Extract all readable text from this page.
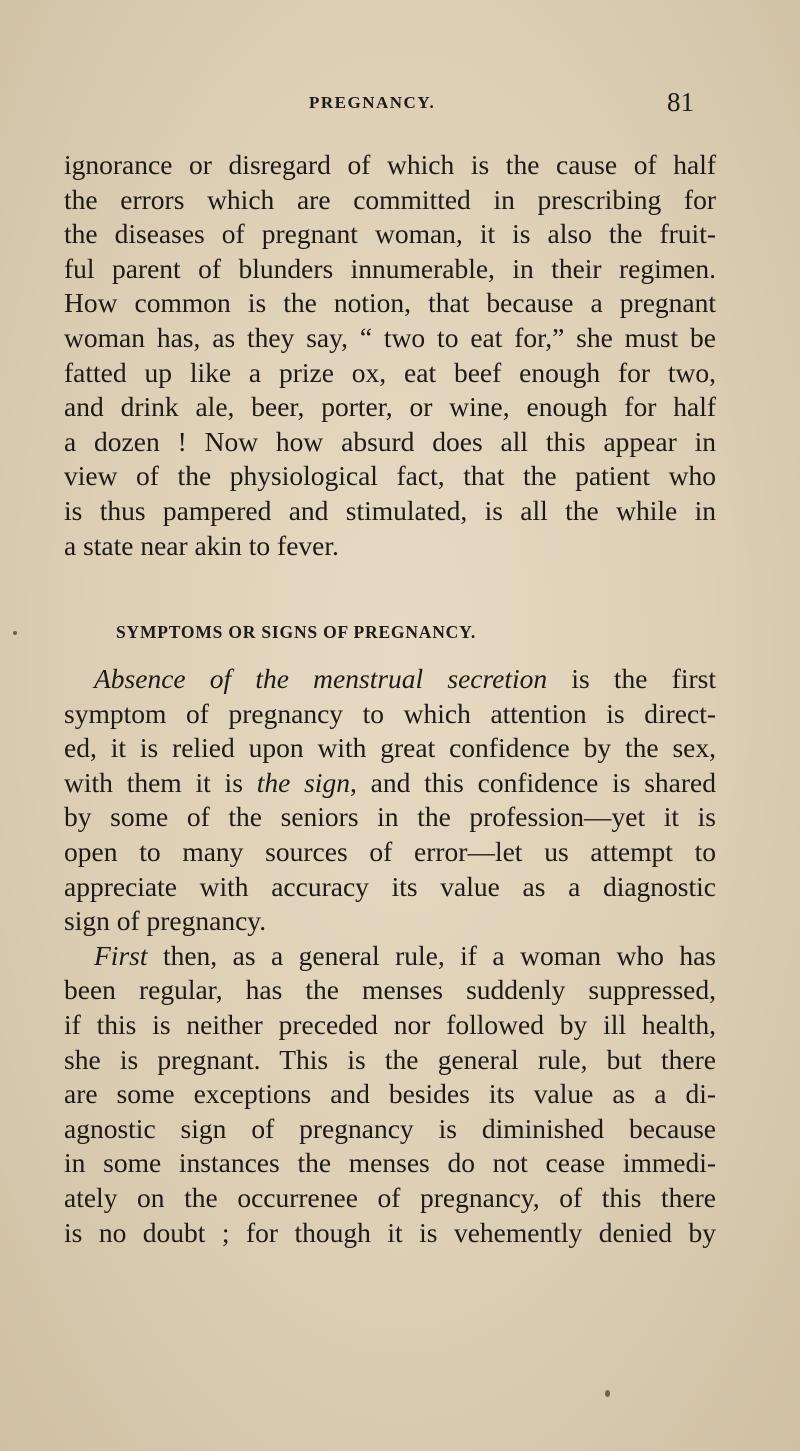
PREGNANCY.	81
ignorance or disregard of which is the cause of half
the errors which are committed in prescribing for
the diseases of pregnant woman, it is also the fruit-
ful parent of blunders innumerable, in their regimen.
How common is the notion, that because a pregnant
woman has, as they say, “ two to eat for,” she must be
fatted up like a prize ox, eat beef enough for two,
and drink ale, beer, porter, or wine, enough for half
a dozen ! Now how absurd does all this appear in
view of the physiological fact, that the patient who
is thus pampered and stimulated, is all the while in
a state near akin to fever.
SYMPTOMS OR SIGNS OF PREGNANCY.
Absence of the menstrual secretion is the first
symptom of pregnancy to which attention is direct-
ed, it is relied upon with great confidence by the sex,
with them it is the sign, and this confidence is shared
by some of the seniors in the profession—yet it is
open to many sources of error—let us attempt to
appreciate with accuracy its value as a diagnostic
sign of pregnancy.
First then, as a general rule, if a woman who has
been regular, has the menses suddenly suppressed,
if this is neither preceded nor followed by ill health,
she is pregnant. This is the general rule, but there
are some exceptions and besides its value as a di-
agnostic sign of pregnancy is diminished because
in some instances the menses do not cease immedi-
ately on the occurrenee of pregnancy, of this there
is no doubt ; for though it is vehemently denied by
